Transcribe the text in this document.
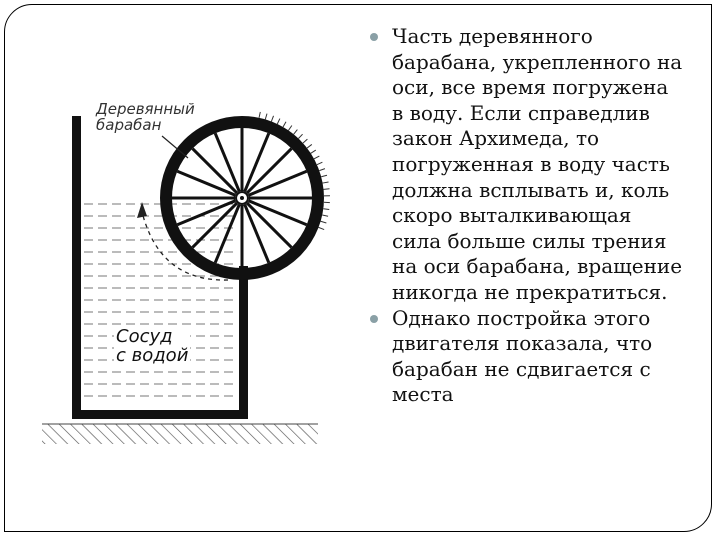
Деревянный
барабан
Сосуд
с водой

Часть деревянного барабана, укрепленного на оси, все время погружена в воду. Если справедлив закон Архимеда, то погруженная в воду часть должна всплывать и, коль скоро выталкивающая сила больше силы трения на оси барабана, вращение никогда не прекратиться.

Однако постройка этого двигателя показала, что барабан не сдвигается с места
